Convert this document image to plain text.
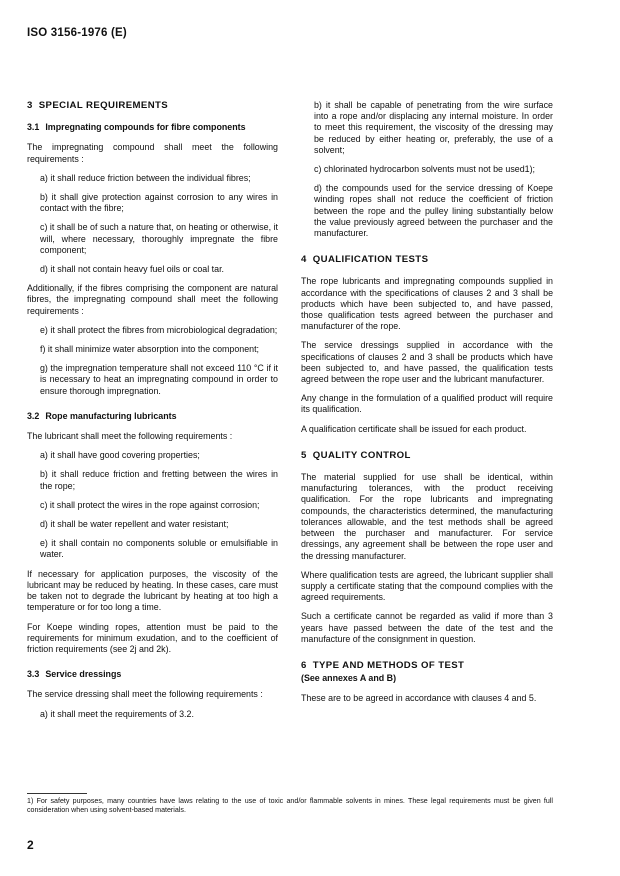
ISO 3156-1976 (E)
3 SPECIAL REQUIREMENTS
3.1 Impregnating compounds for fibre components

The impregnating compound shall meet the following requirements :

a) it shall reduce friction between the individual fibres;

b) it shall give protection against corrosion to any wires in contact with the fibre;

c) it shall be of such a nature that, on heating or otherwise, it will, where necessary, thoroughly impregnate the fibre component;

d) it shall not contain heavy fuel oils or coal tar.

Additionally, if the fibres comprising the component are natural fibres, the impregnating compound shall meet the following requirements :

e) it shall protect the fibres from microbiological degradation;

f) it shall minimize water absorption into the component;

g) the impregnation temperature shall not exceed 110 °C if it is necessary to heat an impregnating compound in order to ensure thorough impregnation.

3.2 Rope manufacturing lubricants

The lubricant shall meet the following requirements :

a) it shall have good covering properties;

b) it shall reduce friction and fretting between the wires in the rope;

c) it shall protect the wires in the rope against corrosion;

d) it shall be water repellent and water resistant;

e) it shall contain no components soluble or emulsifiable in water.

If necessary for application purposes, the viscosity of the lubricant may be reduced by heating. In these cases, care must be taken not to degrade the lubricant by heating at too high a temperature or for too long a time.

For Koepe winding ropes, attention must be paid to the requirements for minimum exudation, and to the coefficient of friction requirements (see 2j and 2k).

3.3 Service dressings

The service dressing shall meet the following requirements :

a) it shall meet the requirements of 3.2.

b) it shall be capable of penetrating from the wire surface into a rope and/or displacing any internal moisture. In order to meet this requirement, the viscosity of the dressing may be reduced by either heating or, preferably, the use of a solvent;

c) chlorinated hydrocarbon solvents must not be used1);

d) the compounds used for the service dressing of Koepe winding ropes shall not reduce the coefficient of friction between the rope and the pulley lining substantially below the value previously agreed between the purchaser and the manufacturer.

4 QUALIFICATION TESTS

The rope lubricants and impregnating compounds supplied in accordance with the specifications of clauses 2 and 3 shall be products which have been subjected to, and have passed, those qualification tests agreed between the purchaser and manufacturer of the rope.

The service dressings supplied in accordance with the specifications of clauses 2 and 3 shall be products which have been subjected to, and have passed, the qualification tests agreed between the rope user and the lubricant manufacturer.

Any change in the formulation of a qualified product will require its qualification.

A qualification certificate shall be issued for each product.

5 QUALITY CONTROL

The material supplied for use shall be identical, within manufacturing tolerances, with the product receiving qualification. For the rope lubricants and impregnating compounds, the characteristics determined, the manufacturing tolerances allowable, and the test methods shall be agreed between the purchaser and manufacturer. For service dressings, any agreement shall be between the rope user and the dressing manufacturer.

Where qualification tests are agreed, the lubricant supplier shall supply a certificate stating that the compound complies with the agreed requirements.

Such a certificate cannot be regarded as valid if more than 3 years have passed between the date of the test and the manufacture of the consignment in question.

6 TYPE AND METHODS OF TEST
(See annexes A and B)

These are to be agreed in accordance with clauses 4 and 5.

1) For safety purposes, many countries have laws relating to the use of toxic and/or flammable solvents in mines. These legal requirements must be given full consideration when using solvent-based materials.
2
